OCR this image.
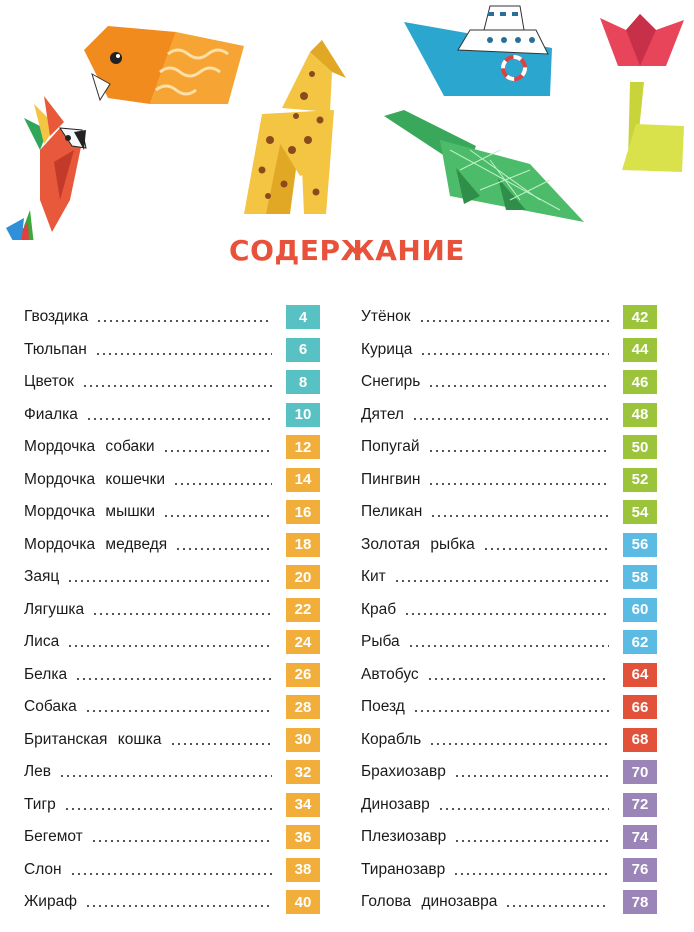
СОДЕРЖАНИЕ
Гвоздика	4
Тюльпан	6
Цветок	8
Фиалка	10
Мордочка собаки	12
Мордочка кошечки	14
Мордочка мышки	16
Мордочка медведя	18
Заяц	20
Лягушка	22
Лиса	24
Белка	26
Собака	28
Британская кошка	30
Лев	32
Тигр	34
Бегемот	36
Слон	38
Жираф	40
Утёнок	42
Курица	44
Снегирь	46
Дятел	48
Попугай	50
Пингвин	52
Пеликан	54
Золотая рыбка	56
Кит	58
Краб	60
Рыба	62
Автобус	64
Поезд	66
Корабль	68
Брахиозавр	70
Динозавр	72
Плезиозавр	74
Тиранозавр	76
Голова динозавра	78
